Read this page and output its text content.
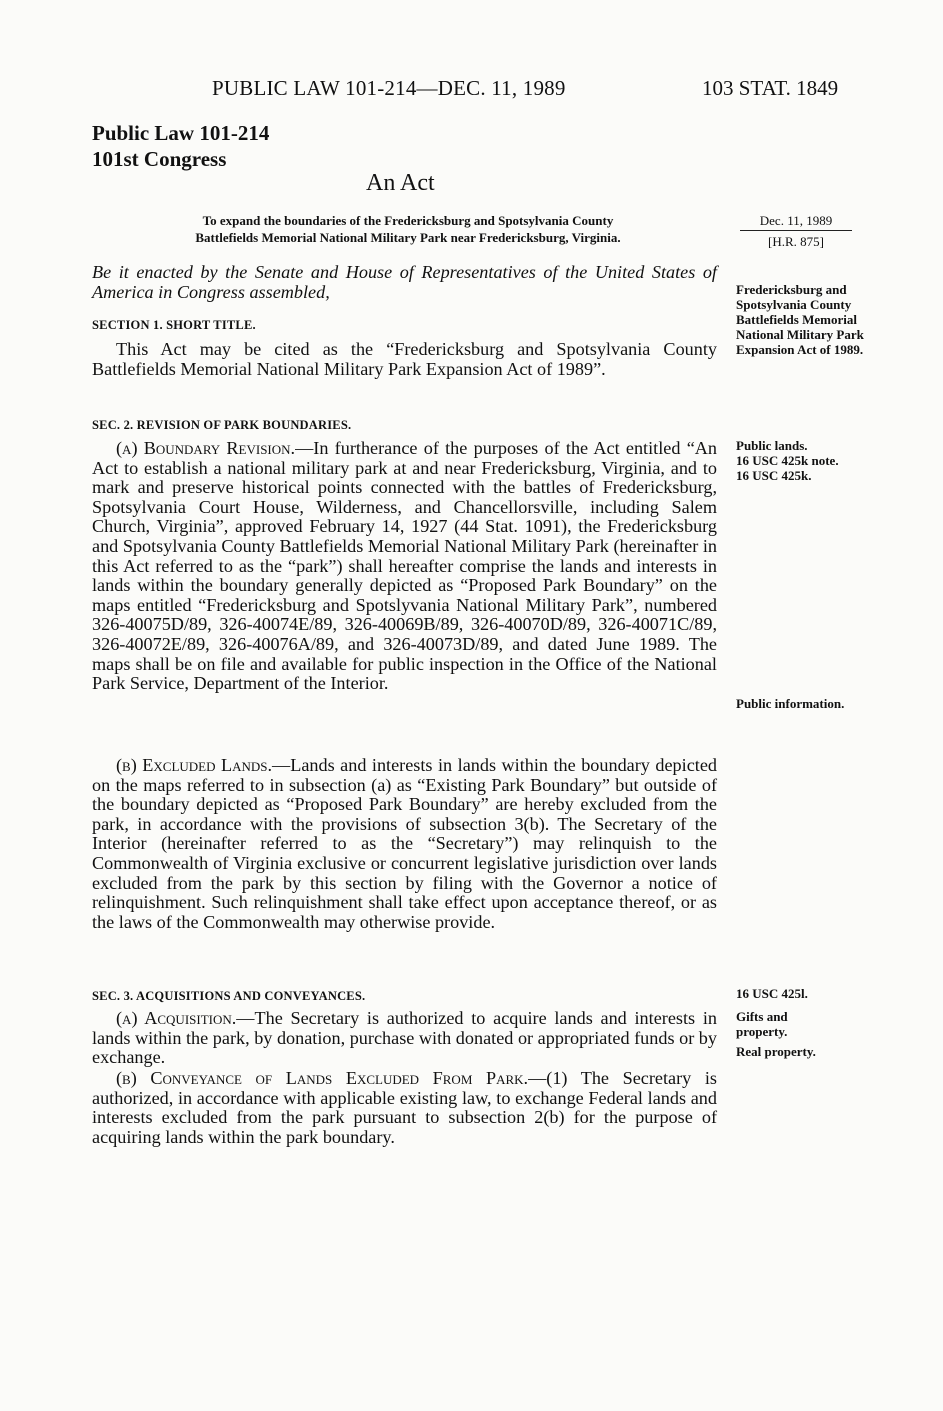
PUBLIC LAW 101-214—DEC. 11, 1989	103 STAT. 1849
Public Law 101-214
101st Congress
An Act
To expand the boundaries of the Fredericksburg and Spotsylvania County
Battlefields Memorial National Military Park near Fredericksburg, Virginia.
Dec. 11, 1989
[H.R. 875]
Be it enacted by the Senate and House of Representatives of the United States of America in Congress assembled,
SECTION 1. SHORT TITLE.

This Act may be cited as the “Fredericksburg and Spotsylvania County Battlefields Memorial National Military Park Expansion Act of 1989”.

SEC. 2. REVISION OF PARK BOUNDARIES.

(a) Boundary Revision.—In furtherance of the purposes of the Act entitled “An Act to establish a national military park at and near Fredericksburg, Virginia, and to mark and preserve historical points connected with the battles of Fredericksburg, Spotsylvania Court House, Wilderness, and Chancellorsville, including Salem Church, Virginia”, approved February 14, 1927 (44 Stat. 1091), the Fredericksburg and Spotsylvania County Battlefields Memorial National Military Park (hereinafter in this Act referred to as the “park”) shall hereafter comprise the lands and interests in lands within the boundary generally depicted as “Proposed Park Boundary” on the maps entitled “Fredericksburg and Spotslyvania National Military Park”, numbered 326-40075D/89, 326-40074E/89, 326-40069B/89, 326-40070D/89, 326-40071C/89, 326-40072E/89, 326-40076A/89, and 326-40073D/89, and dated June 1989. The maps shall be on file and available for public inspection in the Office of the National Park Service, Department of the Interior.

(b) Excluded Lands.—Lands and interests in lands within the boundary depicted on the maps referred to in subsection (a) as “Existing Park Boundary” but outside of the boundary depicted as “Proposed Park Boundary” are hereby excluded from the park, in accordance with the provisions of subsection 3(b). The Secretary of the Interior (hereinafter referred to as the “Secretary”) may relinquish to the Commonwealth of Virginia exclusive or concurrent legislative jurisdiction over lands excluded from the park by this section by filing with the Governor a notice of relinquishment. Such relinquishment shall take effect upon acceptance thereof, or as the laws of the Commonwealth may otherwise provide.

SEC. 3. ACQUISITIONS AND CONVEYANCES.

(a) Acquisition.—The Secretary is authorized to acquire lands and interests in lands within the park, by donation, purchase with donated or appropriated funds or by exchange.

(b) Conveyance of Lands Excluded From Park.—(1) The Secretary is authorized, in accordance with applicable existing law, to exchange Federal lands and interests excluded from the park pursuant to subsection 2(b) for the purpose of acquiring lands within the park boundary.

Fredericksburg and Spotsylvania County Battlefields Memorial National Military Park Expansion Act of 1989.
Public lands.
16 USC 425k note.
16 USC 425k.
Public information.
16 USC 425l.
Gifts and property.
Real property.
